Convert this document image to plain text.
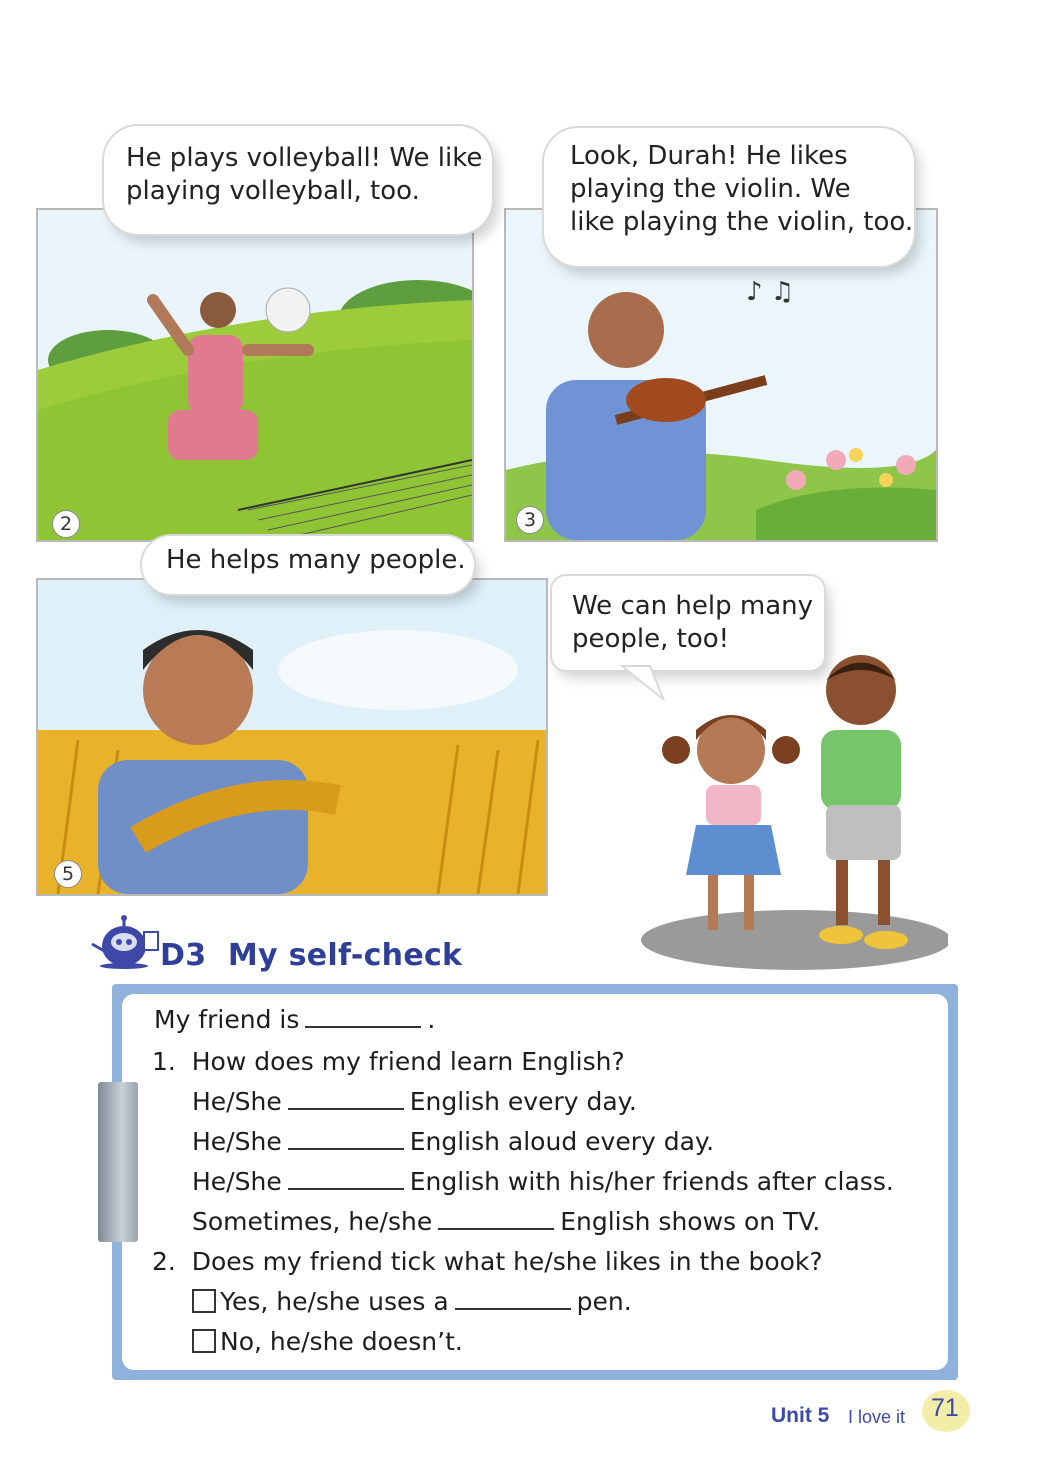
2
♪ ♫
3
5
He plays volleyball! We like
playing volleyball, too.
Look, Durah! He likes
playing the violin. We
like playing the violin, too.
He helps many people.
We can help many
people, too!
D3  My self-check
My friend is	.
1.  How does my friend learn English?
He/She	English every day.
He/She	English aloud every day.
He/She	English with his/her friends after class.
Sometimes, he/she	English shows on TV.
2.  Does my friend tick what he/she likes in the book?
Yes, he/she uses a	pen.
No, he/she doesn’t.
Unit 5 I love it 71
